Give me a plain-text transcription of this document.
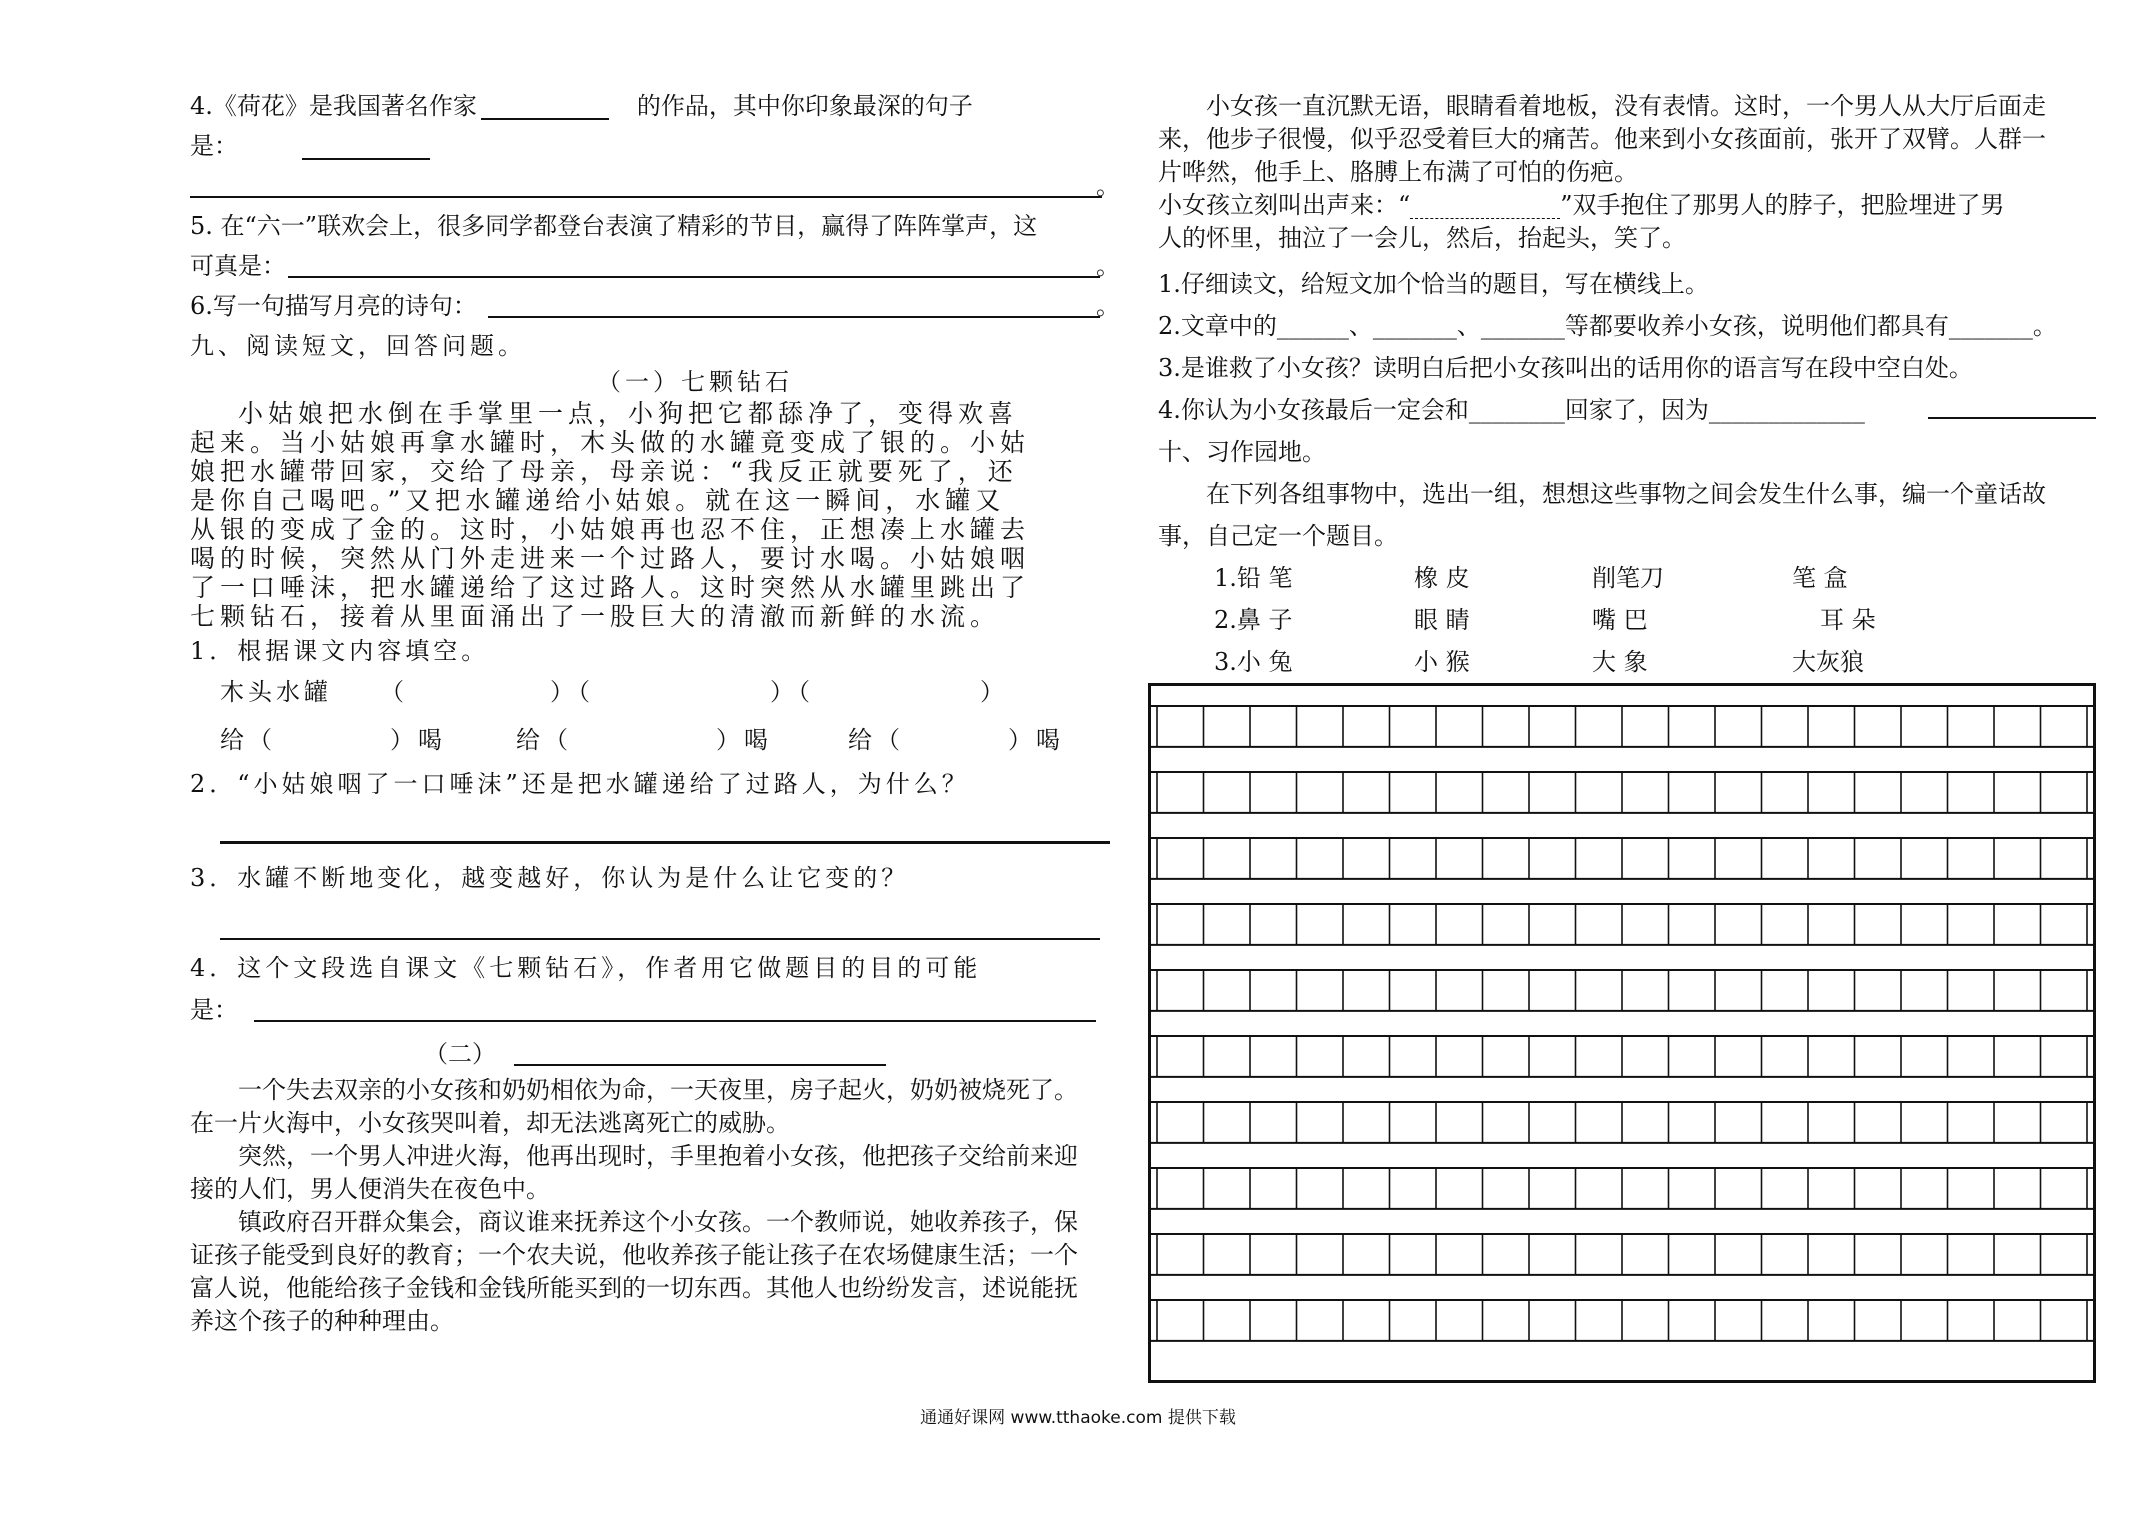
4.《荷花》是我国著名作家	的作品，其中你印象最深的句子
是：
。
5. 在“六一”联欢会上，很多同学都登台表演了精彩的节目，赢得了阵阵掌声，这
可真是：	。
6.写一句描写月亮的诗句：	。
九、阅读短文，回答问题。
（一）七颗钻石
小姑娘把水倒在手掌里一点，小狗把它都舔净了，变得欢喜
起来。当小姑娘再拿水罐时，木头做的水罐竟变成了银的。小姑
娘把水罐带回家，交给了母亲，母亲说：“我反正就要死了，还
是你自己喝吧。”又把水罐递给小姑娘。就在这一瞬间，水罐又
从银的变成了金的。这时，小姑娘再也忍不住，正想凑上水罐去
喝的时候，突然从门外走进来一个过路人，要讨水喝。小姑娘咽
了一口唾沫，把水罐递给了这过路人。这时突然从水罐里跳出了
七颗钻石，接着从里面涌出了一股巨大的清澈而新鲜的水流。
1．根据课文内容填空。
木头水罐 （	）（	）（	）
给（	）喝	给（	）喝	给（	）喝
2．“小姑娘咽了一口唾沫”还是把水罐递给了过路人，为什么？
3．水罐不断地变化，越变越好，你认为是什么让它变的？
4．这个文段选自课文《七颗钻石》，作者用它做题目的目的可能
是：
（二）
一个失去双亲的小女孩和奶奶相依为命，一天夜里，房子起火，奶奶被烧死了。
在一片火海中，小女孩哭叫着，却无法逃离死亡的威胁。
突然，一个男人冲进火海，他再出现时，手里抱着小女孩，他把孩子交给前来迎
接的人们，男人便消失在夜色中。
镇政府召开群众集会，商议谁来抚养这个小女孩。一个教师说，她收养孩子，保
证孩子能受到良好的教育；一个农夫说，他收养孩子能让孩子在农场健康生活；一个
富人说，他能给孩子金钱和金钱所能买到的一切东西。其他人也纷纷发言，述说能抚
养这个孩子的种种理由。
小女孩一直沉默无语，眼睛看着地板，没有表情。这时，一个男人从大厅后面走
来，他步子很慢，似乎忍受着巨大的痛苦。他来到小女孩面前，张开了双臂。人群一
片哗然，他手上、胳膊上布满了可怕的伤疤。
小女孩立刻叫出声来：“	”双手抱住了那男人的脖子，把脸埋进了男
人的怀里，抽泣了一会儿，然后，抬起头，笑了。
1.仔细读文，给短文加个恰当的题目，写在横线上。
2.文章中的______、_______、_______等都要收养小女孩，说明他们都具有_______。
3.是谁救了小女孩？读明白后把小女孩叫出的话用你的语言写在段中空白处。
4.你认为小女孩最后一定会和________回家了，因为_____________
十、习作园地。
在下列各组事物中，选出一组，想想这些事物之间会发生什么事，编一个童话故
事，自己定一个题目。
1.铅 笔	橡 皮	削笔刀	笔 盒
2.鼻 子	眼 睛	嘴 巴	耳 朵
3.小 兔	小 猴	大 象	大灰狼
通通好课网 www.tthaoke.com 提供下载
